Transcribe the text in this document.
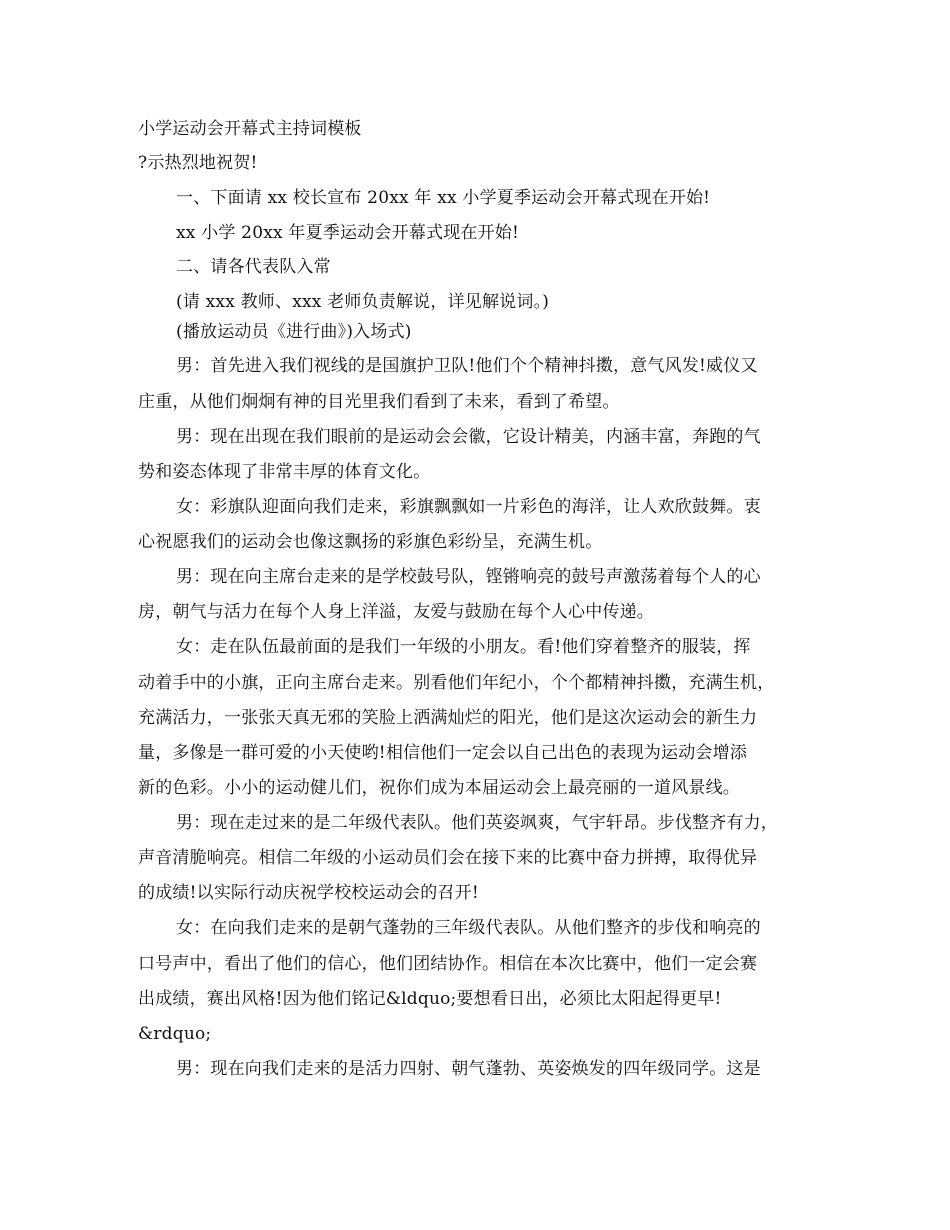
小学运动会开幕式主持词模板
?示热烈地祝贺!
一、下面请 xx 校长宣布 20xx 年 xx 小学夏季运动会开幕式现在开始!
xx 小学 20xx 年夏季运动会开幕式现在开始!
二、请各代表队入常
(请 xxx 教师、xxx 老师负责解说，详见解说词。)
(播放运动员《进行曲》)入场式)
男：首先进入我们视线的是国旗护卫队!他们个个精神抖擞，意气风发!威仪又
庄重，从他们炯炯有神的目光里我们看到了未来，看到了希望。
男：现在出现在我们眼前的是运动会会徽，它设计精美，内涵丰富，奔跑的气
势和姿态体现了非常丰厚的体育文化。
女：彩旗队迎面向我们走来，彩旗飘飘如一片彩色的海洋，让人欢欣鼓舞。衷
心祝愿我们的运动会也像这飘扬的彩旗色彩纷呈，充满生机。
男：现在向主席台走来的是学校鼓号队，铿锵响亮的鼓号声激荡着每个人的心
房，朝气与活力在每个人身上洋溢，友爱与鼓励在每个人心中传递。
女：走在队伍最前面的是我们一年级的小朋友。看!他们穿着整齐的服装，挥
动着手中的小旗，正向主席台走来。别看他们年纪小，个个都精神抖擞，充满生机，
充满活力，一张张天真无邪的笑脸上洒满灿烂的阳光，他们是这次运动会的新生力
量，多像是一群可爱的小天使哟!相信他们一定会以自己出色的表现为运动会增添
新的色彩。小小的运动健儿们，祝你们成为本届运动会上最亮丽的一道风景线。
男：现在走过来的是二年级代表队。他们英姿飒爽，气宇轩昂。步伐整齐有力，
声音清脆响亮。相信二年级的小运动员们会在接下来的比赛中奋力拼搏，取得优异
的成绩!以实际行动庆祝学校校运动会的召开!
女：在向我们走来的是朝气蓬勃的三年级代表队。从他们整齐的步伐和响亮的
口号声中，看出了他们的信心，他们团结协作。相信在本次比赛中，他们一定会赛
出成绩，赛出风格!因为他们铭记&ldquo;要想看日出，必须比太阳起得更早!
&rdquo;
男：现在向我们走来的是活力四射、朝气蓬勃、英姿焕发的四年级同学。这是
